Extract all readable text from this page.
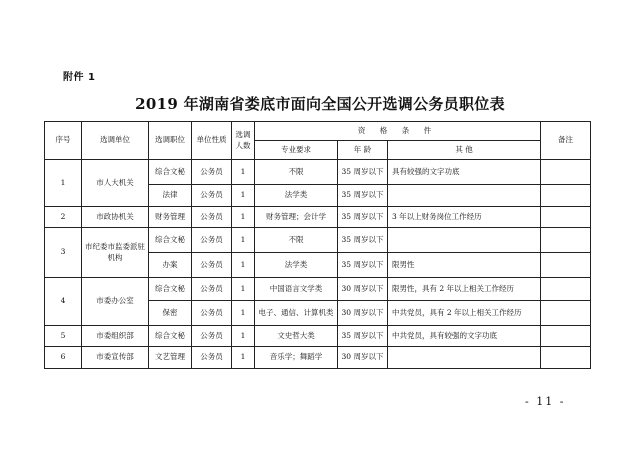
附件 1
2019 年湖南省娄底市面向全国公开选调公务员职位表
序号	选调单位	选调职位	单位性质	选调人数	资 格 条 件			备注
					专业要求	年 龄	其 他	
1	市人大机关	综合文秘	公务员	1	不限	35 周岁以下	具有较强的文字功底	
		法律	公务员	1	法学类	35 周岁以下		
2	市政协机关	财务管理	公务员	1	财务管理；会计学	35 周岁以下	3 年以上财务岗位工作经历	
3	市纪委市监委派驻机构	综合文秘	公务员	1	不限	35 周岁以下		
		办案	公务员	1	法学类	35 周岁以下	限男性	
4	市委办公室	综合文秘	公务员	1	中国语言文学类	30 周岁以下	限男性，具有 2 年以上相关工作经历	
		保密	公务员	1	电子、通信、计算机类	30 周岁以下	中共党员，具有 2 年以上相关工作经历	
5	市委组织部	综合文秘	公务员	1	文史哲大类	35 周岁以下	中共党员，具有较强的文字功底	
6	市委宣传部	文艺管理	公务员	1	音乐学；舞蹈学	30 周岁以下		
- 11 -
